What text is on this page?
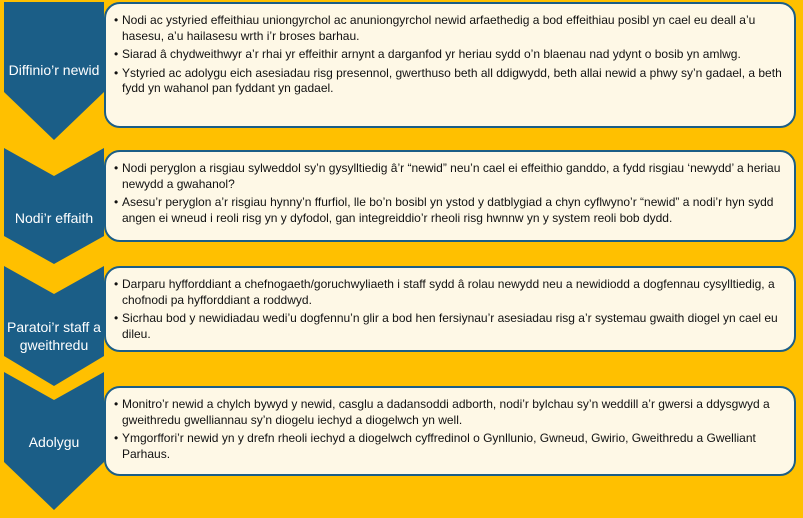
Diffinio’r newid
• Nodi ac ystyried effeithiau uniongyrchol ac anuniongyrchol newid arfaethedig a bod effeithiau posibl yn cael eu deall a’u hasesu, a’u hailasesu wrth i’r broses barhau.
• Siarad â chydweithwyr a’r rhai yr effeithir arnynt a darganfod yr heriau sydd o’n blaenau nad ydynt o bosib yn amlwg.
• Ystyried ac adolygu eich asesiadau risg presennol, gwerthuso beth all ddigwydd, beth allai newid a phwy sy’n gadael, a beth fydd yn wahanol pan fyddant yn gadael.
Nodi’r effaith
• Nodi peryglon a risgiau sylweddol sy’n gysylltiedig â’r “newid” neu’n cael ei effeithio ganddo, a fydd risgiau ‘newydd’ a heriau newydd a gwahanol?
• Asesu’r peryglon a’r risgiau hynny’n ffurfiol, lle bo’n bosibl yn ystod y datblygiad a chyn cyflwyno’r “newid” a nodi’r hyn sydd angen ei wneud i reoli risg yn y dyfodol, gan integreiddio’r rheoli risg hwnnw yn y system reoli bob dydd.
Paratoi’r staff a gweithredu
• Darparu hyfforddiant a chefnogaeth/goruchwyliaeth i staff sydd â rolau newydd neu a newidiodd a dogfennau cysylltiedig, a chofnodi pa hyfforddiant a roddwyd.
• Sicrhau bod y newidiadau wedi’u dogfennu’n glir a bod hen fersiynau’r asesiadau risg a’r systemau gwaith diogel yn cael eu dileu.
Adolygu
• Monitro’r newid a chylch bywyd y newid, casglu a dadansoddi adborth, nodi’r bylchau sy’n weddill a’r gwersi a ddysgwyd a gweithredu gwelliannau sy’n diogelu iechyd a diogelwch yn well.
• Ymgorffori’r newid yn y drefn rheoli iechyd a diogelwch cyffredinol o Gynllunio, Gwneud, Gwirio, Gweithredu a Gwelliant Parhaus.
